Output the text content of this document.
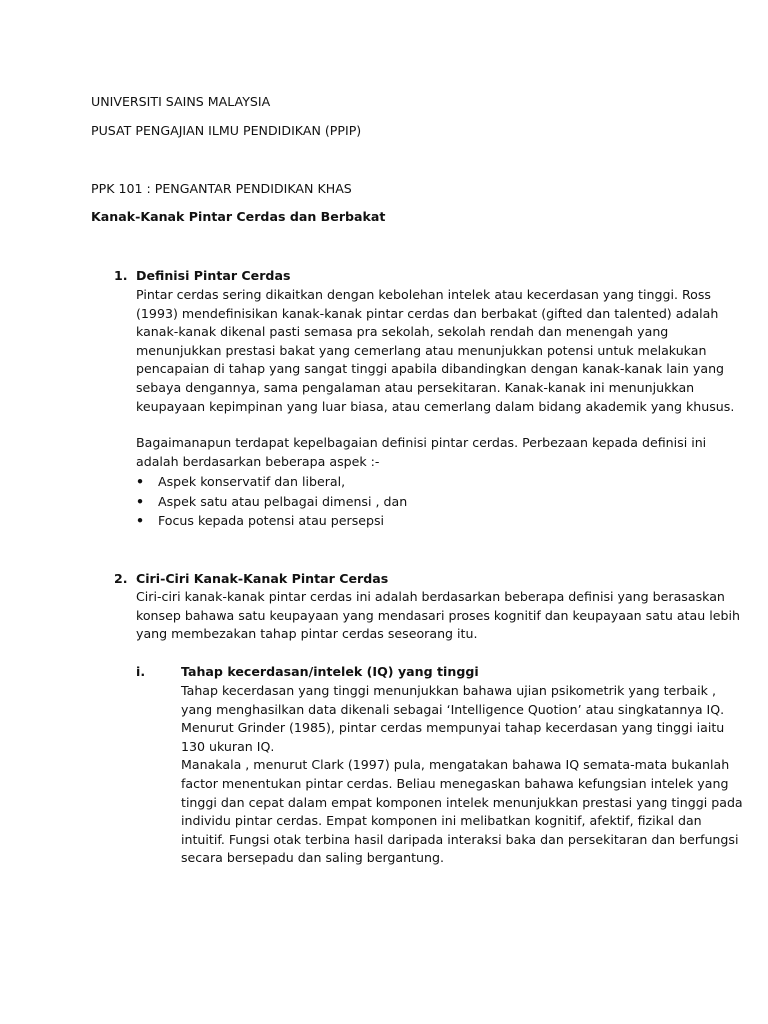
UNIVERSITI SAINS MALAYSIA
PUSAT PENGAJIAN ILMU PENDIDIKAN (PPIP)
PPK 101 : PENGANTAR PENDIDIKAN KHAS
Kanak-Kanak Pintar Cerdas dan Berbakat
1. Definisi Pintar Cerdas

Pintar cerdas sering dikaitkan dengan kebolehan intelek atau kecerdasan yang tinggi. Ross

(1993) mendefinisikan kanak-kanak pintar cerdas dan berbakat (gifted dan talented) adalah

kanak-kanak dikenal pasti semasa pra sekolah, sekolah rendah dan menengah yang

menunjukkan prestasi bakat yang cemerlang atau menunjukkan potensi untuk melakukan

pencapaian di tahap yang sangat tinggi apabila dibandingkan dengan kanak-kanak lain yang

sebaya dengannya, sama pengalaman atau persekitaran. Kanak-kanak ini menunjukkan

keupayaan kepimpinan yang luar biasa, atau cemerlang dalam bidang akademik yang khusus.

Bagaimanapun terdapat kepelbagaian definisi pintar cerdas. Perbezaan kepada definisi ini

adalah berdasarkan beberapa aspek :-

• Aspek konservatif dan liberal,
• Aspek satu atau pelbagai dimensi , dan
• Focus kepada potensi atau persepsi
2. Ciri-Ciri Kanak-Kanak Pintar Cerdas

Ciri-ciri kanak-kanak pintar cerdas ini adalah berdasarkan beberapa definisi yang berasaskan

konsep bahawa satu keupayaan yang mendasari proses kognitif dan keupayaan satu atau lebih

yang membezakan tahap pintar cerdas seseorang itu.

i.	Tahap kecerdasan/intelek (IQ) yang tinggi

Tahap kecerdasan yang tinggi menunjukkan bahawa ujian psikometrik yang terbaik ,

yang menghasilkan data dikenali sebagai ‘Intelligence Quotion’ atau singkatannya IQ.

Menurut Grinder (1985), pintar cerdas mempunyai tahap kecerdasan yang tinggi iaitu

130 ukuran IQ.

Manakala , menurut Clark (1997) pula, mengatakan bahawa IQ semata-mata bukanlah

factor menentukan pintar cerdas. Beliau menegaskan bahawa kefungsian intelek yang

tinggi dan cepat dalam empat komponen intelek menunjukkan prestasi yang tinggi pada

individu pintar cerdas. Empat komponen ini melibatkan kognitif, afektif, fizikal dan

intuitif. Fungsi otak terbina hasil daripada interaksi baka dan persekitaran dan berfungsi

secara bersepadu dan saling bergantung.
